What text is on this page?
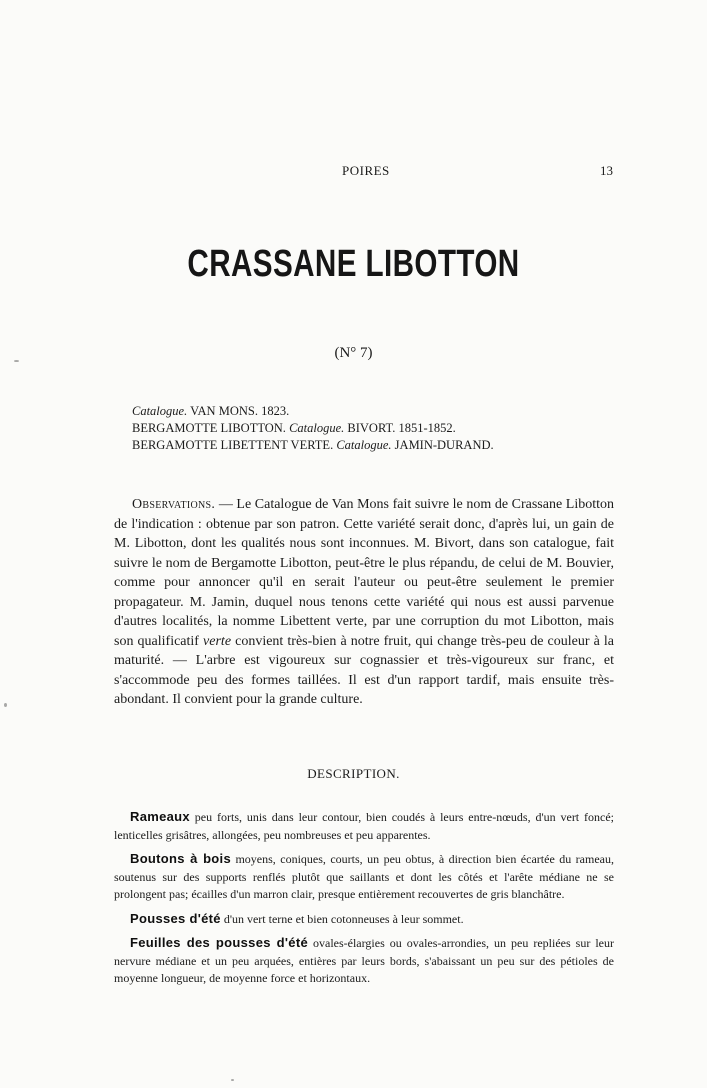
POIRES	13
CRASSANE LIBOTTON
(N° 7)
Catalogue. VAN MONS. 1823.
BERGAMOTTE LIBOTTON. Catalogue. BIVORT. 1851-1852.
BERGAMOTTE LIBETTENT VERTE. Catalogue. JAMIN-DURAND.

Observations. — Le Catalogue de Van Mons fait suivre le nom de Crassane Libotton de l'indication : obtenue par son patron. Cette variété serait donc, d'après lui, un gain de M. Libotton, dont les qualités nous sont inconnues. M. Bivort, dans son catalogue, fait suivre le nom de Bergamotte Libotton, peut-être le plus répandu, de celui de M. Bouvier, comme pour annoncer qu'il en serait l'auteur ou peut-être seulement le premier propagateur. M. Jamin, duquel nous tenons cette variété qui nous est aussi parvenue d'autres localités, la nomme Libettent verte, par une corruption du mot Libotton, mais son qualificatif verte convient très-bien à notre fruit, qui change très-peu de couleur à la maturité. — L'arbre est vigoureux sur cognassier et très-vigoureux sur franc, et s'accommode peu des formes taillées. Il est d'un rapport tardif, mais ensuite très-abondant. Il convient pour la grande culture.

DESCRIPTION.

Rameaux peu forts, unis dans leur contour, bien coudés à leurs entre-nœuds, d'un vert foncé; lenticelles grisâtres, allongées, peu nombreuses et peu apparentes.

Boutons à bois moyens, coniques, courts, un peu obtus, à direction bien écartée du rameau, soutenus sur des supports renflés plutôt que saillants et dont les côtés et l'arête médiane ne se prolongent pas; écailles d'un marron clair, presque entièrement recouvertes de gris blanchâtre.

Pousses d'été d'un vert terne et bien cotonneuses à leur sommet.

Feuilles des pousses d'été ovales-élargies ou ovales-arrondies, un peu repliées sur leur nervure médiane et un peu arquées, entières par leurs bords, s'abaissant un peu sur des pétioles de moyenne longueur, de moyenne force et horizontaux.
